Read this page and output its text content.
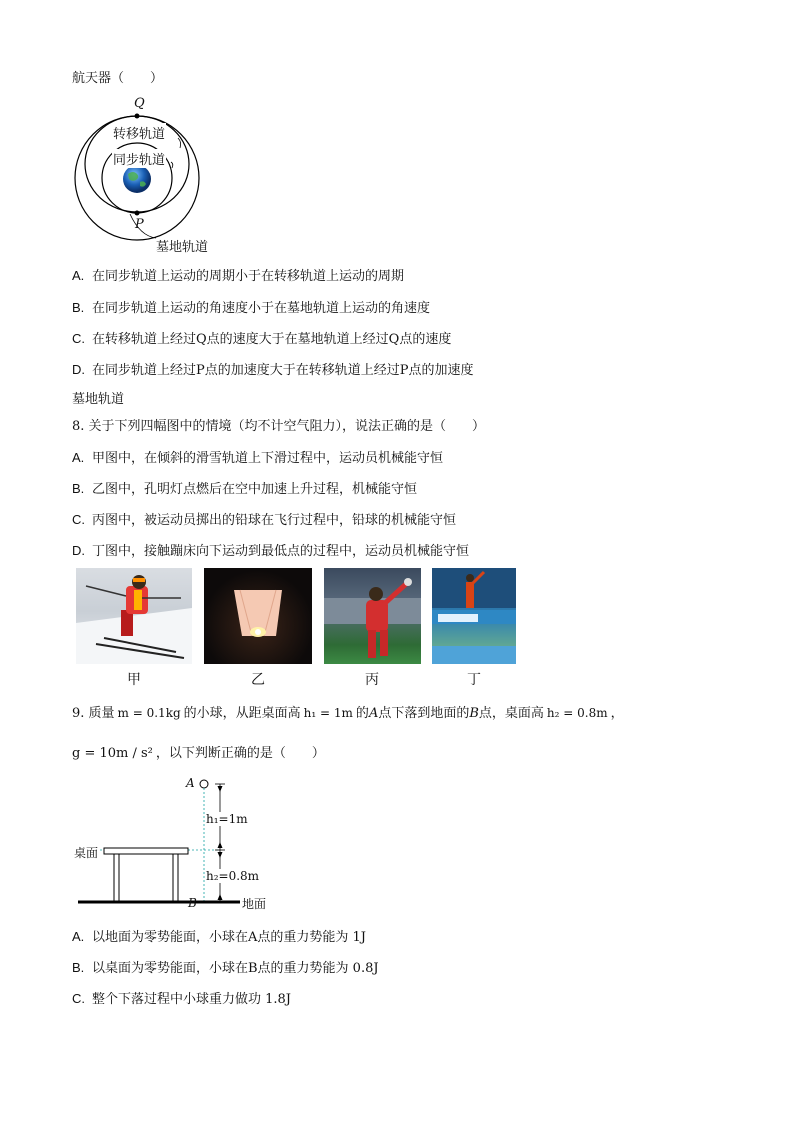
航天器（　　）
Q
转移轨道
同步轨道
P
墓地轨道
A. 在同步轨道上运动的周期小于在转移轨道上运动的周期
B. 在同步轨道上运动的角速度小于在墓地轨道上运动的角速度
C. 在转移轨道上经过Q点的速度大于在墓地轨道上经过Q点的速度
D. 在同步轨道上经过P点的加速度大于在转移轨道上经过P点的加速度
墓地轨道
8. 关于下列四幅图中的情境（均不计空气阻力），说法正确的是（　　）
A. 甲图中，在倾斜的滑雪轨道上下滑过程中，运动员机械能守恒
B. 乙图中，孔明灯点燃后在空中加速上升过程，机械能守恒
C. 丙图中，被运动员掷出的铅球在飞行过程中，铅球的机械能守恒
D. 丁图中，接触蹦床向下运动到最低点的过程中，运动员机械能守恒
甲	乙	丙	丁
9. 质量 m = 0.1kg 的小球，从距桌面高 h₁ = 1m 的A点下落到地面的B点，桌面高 h₂ = 0.8m ，
g = 10m / s² ，以下判断正确的是（　　）
A
h₁=1m
桌面
h₂=0.8m
B	地面
A. 以地面为零势能面，小球在A点的重力势能为 1J
B. 以桌面为零势能面，小球在B点的重力势能为 0.8J
C. 整个下落过程中小球重力做功 1.8J
